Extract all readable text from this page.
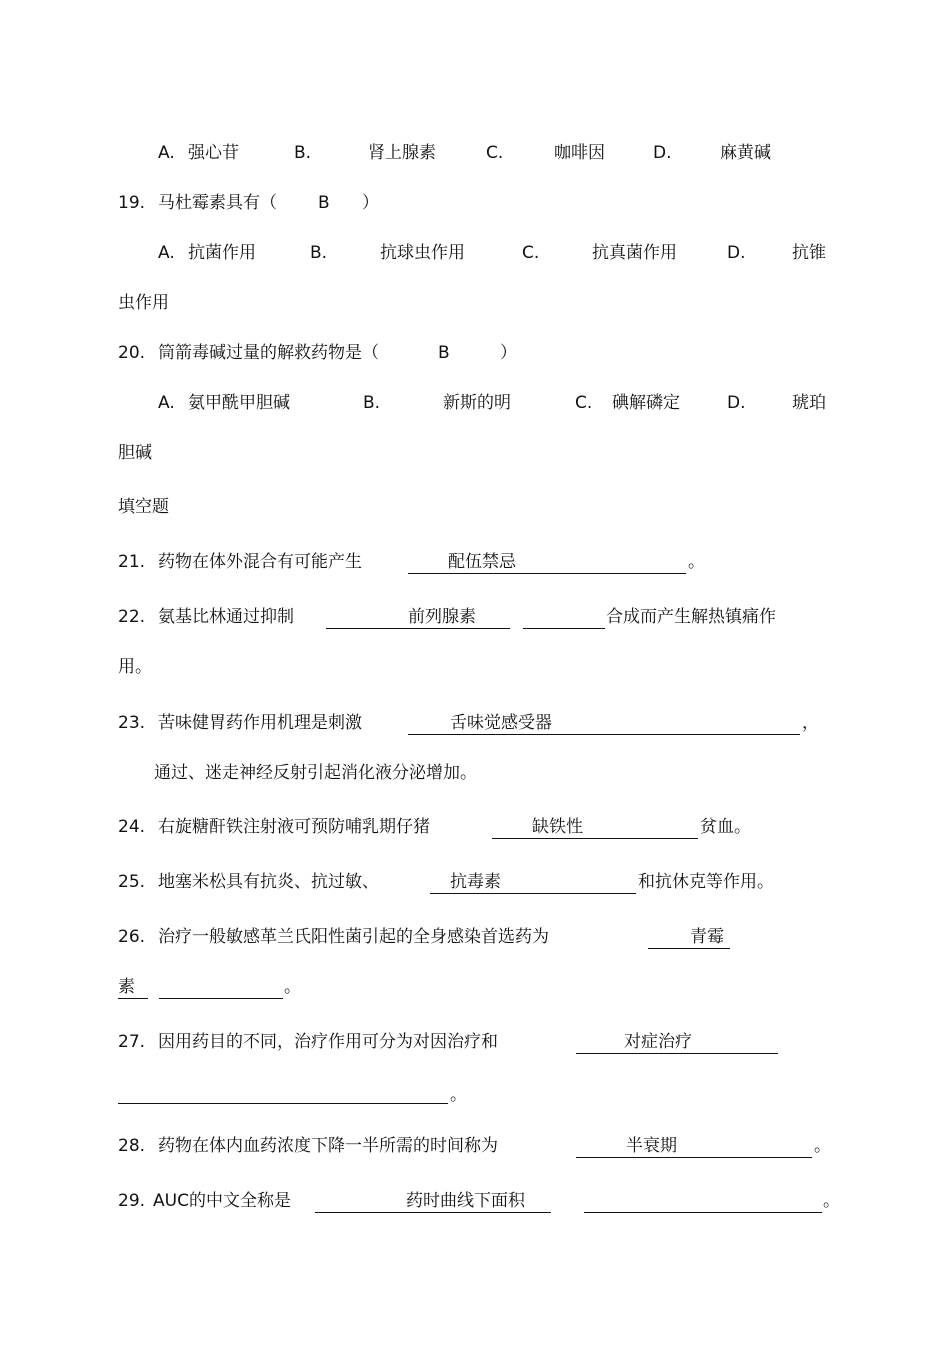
A. 强心苷	B.	肾上腺素	C.	咖啡因	D.	麻黄碱
19. 马杜霉素具有（ B ）
A. 抗菌作用	B.	抗球虫作用	C.	抗真菌作用	D.	抗锥
虫作用
20. 筒箭毒碱过量的解救药物是（	B	）
A. 氨甲酰甲胆碱	B.	新斯的明	C. 碘解磷定	D.	琥珀
胆碱
填空题
21. 药物在体外混合有可能产生	配伍禁忌	。
22. 氨基比林通过抑制	前列腺素	合成而产生解热镇痛作
用。
23. 苦味健胃药作用机理是刺激	舌味觉感受器	，
通过、迷走神经反射引起消化液分泌增加。
24. 右旋糖酐铁注射液可预防哺乳期仔猪	缺铁性	贫血。
25. 地塞米松具有抗炎、抗过敏、	抗毒素	和抗休克等作用。
26. 治疗一般敏感革兰氏阳性菌引起的全身感染首选药为	青霉
素	。
27. 因用药目的不同，治疗作用可分为对因治疗和	对症治疗
。
28. 药物在体内血药浓度下降一半所需的时间称为	半衰期	。
29. AUC的中文全称是	药时曲线下面积	。
